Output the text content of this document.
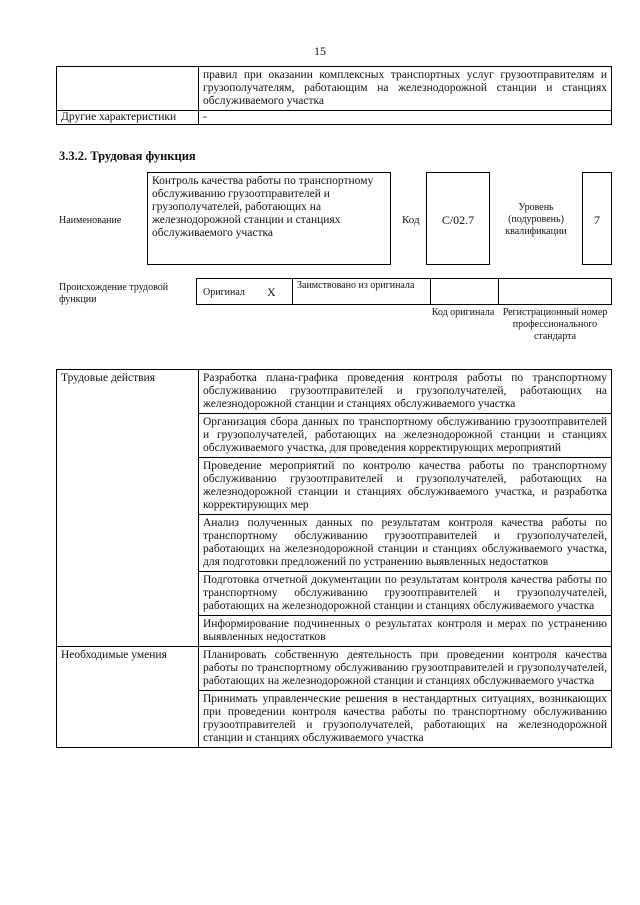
15
	правил при оказании комплексных транспортных услуг грузоотправителям и грузополучателям, работающим на железнодорожной станции и станциях обслуживаемого участка
Другие характеристики	-
3.3.2. Трудовая функция
Наименование
Контроль качества работы по транспортному обслуживанию грузоотправителей и грузополучателей, работающих на железнодорожной станции и станциях обслуживаемого участка
Код	С/02.7
Уровень (подуровень) квалификации
7
Происхождение трудовой функции
Оригинал X Заимствовано из оригинала
Код оригинала Регистрационный номер профессионального стандарта
Трудовые действия	Разработка плана-графика проведения контроля работы по транспортному обслуживанию грузоотправителей и грузополучателей, работающих на железнодорожной станции и станциях обслуживаемого участка
	Организация сбора данных по транспортному обслуживанию грузоотправителей и грузополучателей, работающих на железнодорожной станции и станциях обслуживаемого участка, для проведения корректирующих мероприятий
	Проведение мероприятий по контролю качества работы по транспортному обслуживанию грузоотправителей и грузополучателей, работающих на железнодорожной станции и станциях обслуживаемого участка, и разработка корректирующих мер
	Анализ полученных данных по результатам контроля качества работы по транспортному обслуживанию грузоотправителей и грузополучателей, работающих на железнодорожной станции и станциях обслуживаемого участка, для подготовки предложений по устранению выявленных недостатков
	Подготовка отчетной документации по результатам контроля качества работы по транспортному обслуживанию грузоотправителей и грузополучателей, работающих на железнодорожной станции и станциях обслуживаемого участка
	Информирование подчиненных о результатах контроля и мерах по устранению выявленных недостатков
Необходимые умения	Планировать собственную деятельность при проведении контроля качества работы по транспортному обслуживанию грузоотправителей и грузополучателей, работающих на железнодорожной станции и станциях обслуживаемого участка
	Принимать управленческие решения в нестандартных ситуациях, возникающих при проведении контроля качества работы по транспортному обслуживанию грузоотправителей и грузополучателей, работающих на железнодорожной станции и станциях обслуживаемого участка
